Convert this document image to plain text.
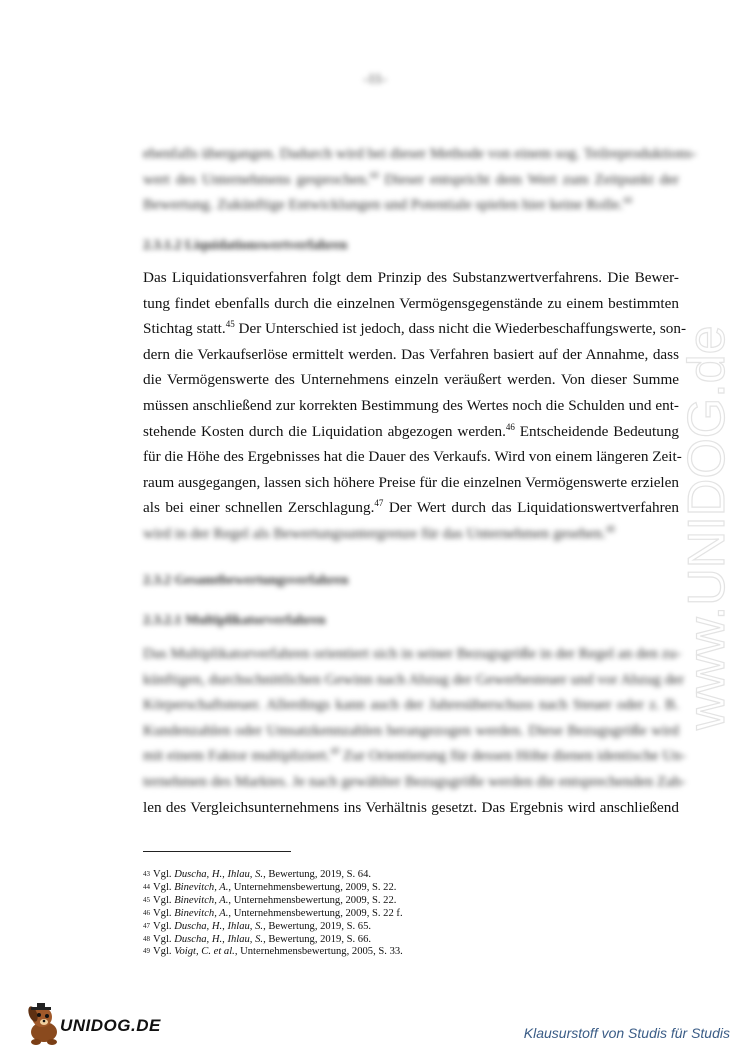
-11-
ebenfalls übergangen. Dadurch wird bei dieser Methode von einem sog. Teilreproduktions-
wert des Unternehmens gesprochen.$^{44}$ Dieser entspricht dem Wert zum Zeitpunkt der
Bewertung. Zukünftige Entwicklungen und Potentiale spielen hier keine Rolle.$^{44}$
2.3.1.2 Liquidationswertverfahren
Das Liquidationsverfahren folgt dem Prinzip des Substanzwertverfahrens. Die Bewer-
tung findet ebenfalls durch die einzelnen Vermögensgegenstände zu einem bestimmten
Stichtag statt.$^{45}$ Der Unterschied ist jedoch, dass nicht die Wiederbeschaffungswerte, son-
dern die Verkaufserlöse ermittelt werden. Das Verfahren basiert auf der Annahme, dass
die Vermögenswerte des Unternehmens einzeln veräußert werden. Von dieser Summe
müssen anschließend zur korrekten Bestimmung des Wertes noch die Schulden und ent-
stehende Kosten durch die Liquidation abgezogen werden.$^{46}$ Entscheidende Bedeutung
für die Höhe des Ergebnisses hat die Dauer des Verkaufs. Wird von einem längeren Zeit-
raum ausgegangen, lassen sich höhere Preise für die einzelnen Vermögenswerte erzielen
als bei einer schnellen Zerschlagung.$^{47}$ Der Wert durch das Liquidationswertverfahren
wird in der Regel als Bewertungsuntergrenze für das Unternehmen gesehen.$^{48}$
2.3.2 Gesamtbewertungsverfahren
2.3.2.1 Multiplikatorverfahren
Das Multiplikatorverfahren orientiert sich in seiner Bezugsgröße in der Regel an den zu-
künftigen, durchschnittlichen Gewinn nach Abzug der Gewerbesteuer und vor Abzug der
Körperschaftsteuer. Allerdings kann auch der Jahresüberschuss nach Steuer oder z. B.
Kundenzahlen oder Umsatzkennzahlen herangezogen werden. Diese Bezugsgröße wird
mit einem Faktor multipliziert.$^{49}$ Zur Orientierung für dessen Höhe dienen identische Un-
ternehmen des Marktes. Je nach gewählter Bezugsgröße werden die entsprechenden Zah-
len des Vergleichsunternehmens ins Verhältnis gesetzt. Das Ergebnis wird anschließend
$^{43}$ Vgl. Duscha, H., Ihlau, S., Bewertung, 2019, S. 64.
$^{44}$ Vgl. Binevitch, A., Unternehmensbewertung, 2009, S. 22.
$^{45}$ Vgl. Binevitch, A., Unternehmensbewertung, 2009, S. 22.
$^{46}$ Vgl. Binevitch, A., Unternehmensbewertung, 2009, S. 22 f.
$^{47}$ Vgl. Duscha, H., Ihlau, S., Bewertung, 2019, S. 65.
$^{48}$ Vgl. Duscha, H., Ihlau, S., Bewertung, 2019, S. 66.
$^{49}$ Vgl. Voigt, C. et al., Unternehmensbewertung, 2005, S. 33.
www.UNIDOG.de
UNIDOG.DE	Klausurstoff von Studis für Studis
